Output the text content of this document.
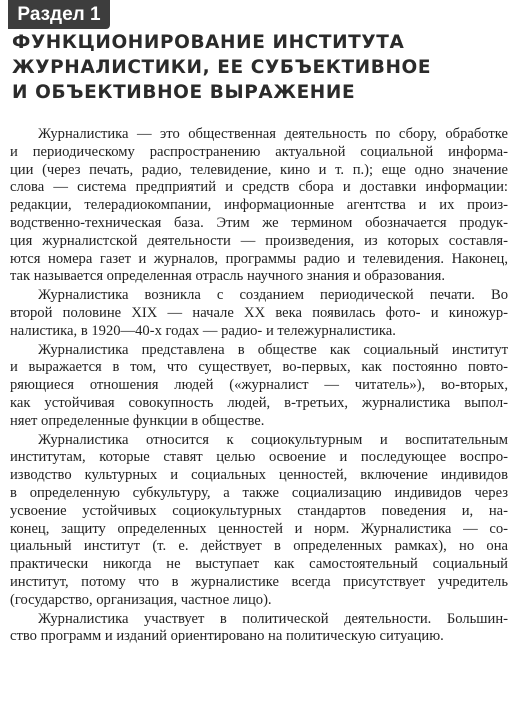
Раздел 1
ФУНКЦИОНИРОВАНИЕ ИНСТИТУТА
ЖУРНАЛИСТИКИ, ЕЕ СУБЪЕКТИВНОЕ
И ОБЪЕКТИВНОЕ ВЫРАЖЕНИЕ
Журналистика — это общественная деятельность по сбору, обработке
и периодическому распространению актуальной социальной информа-
ции (через печать, радио, телевидение, кино и т. п.); еще одно значение
слова — система предприятий и средств сбора и доставки информации:
редакции, телерадиокомпании, информационные агентства и их произ-
водственно-техническая база. Этим же термином обозначается продук-
ция журналистской деятельности — произведения, из которых составля-
ются номера газет и журналов, программы радио и телевидения. Наконец,
так называется определенная отрасль научного знания и образования.
Журналистика возникла с созданием периодической печати. Во
второй половине XIX — начале XX века появилась фото- и киножур-
налистика, в 1920—40-х годах — радио- и тележурналистика.
Журналистика представлена в обществе как социальный институт
и выражается в том, что существует, во-первых, как постоянно повто-
ряющиеся отношения людей («журналист — читатель»), во-вторых,
как устойчивая совокупность людей, в-третьих, журналистика выпол-
няет определенные функции в обществе.
Журналистика относится к социокультурным и воспитательным
институтам, которые ставят целью освоение и последующее воспро-
изводство культурных и социальных ценностей, включение индивидов
в определенную субкультуру, а также социализацию индивидов через
усвоение устойчивых социокультурных стандартов поведения и, на-
конец, защиту определенных ценностей и норм. Журналистика — со-
циальный институт (т. е. действует в определенных рамках), но она
практически никогда не выступает как самостоятельный социальный
институт, потому что в журналистике всегда присутствует учредитель
(государство, организация, частное лицо).
Журналистика участвует в политической деятельности. Большин-
ство программ и изданий ориентировано на политическую ситуацию.
